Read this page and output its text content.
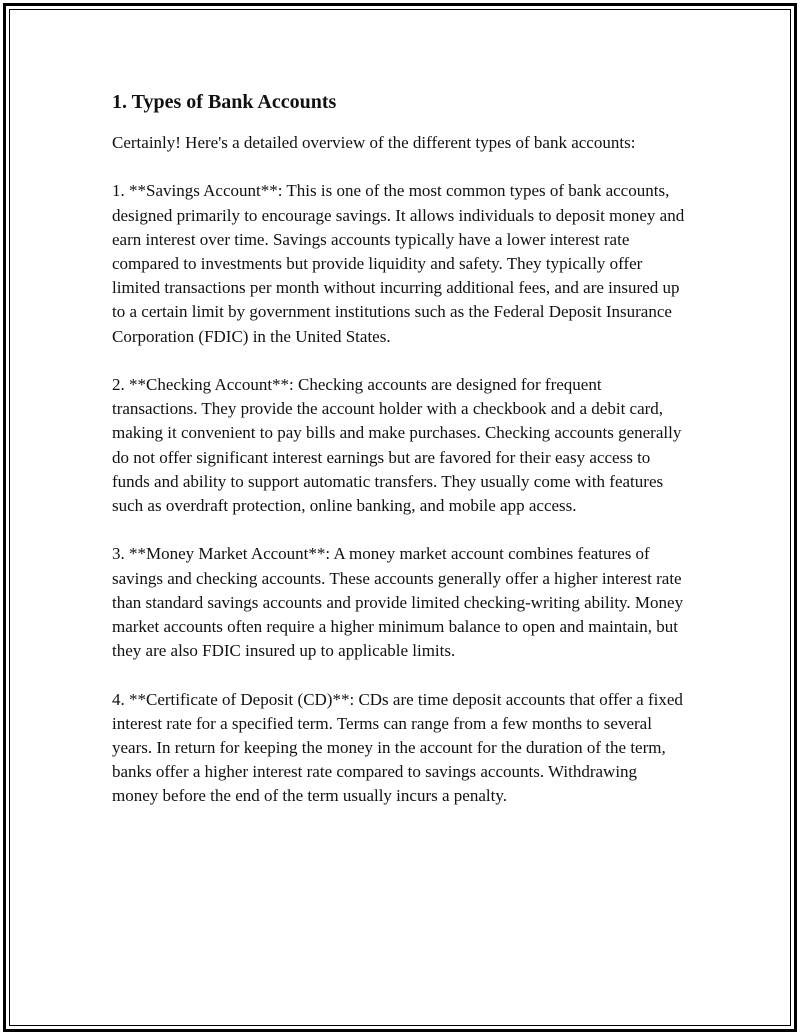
1. Types of Bank Accounts

Certainly! Here's a detailed overview of the different types of bank accounts:

1. **Savings Account**: This is one of the most common types of bank accounts, designed primarily to encourage savings. It allows individuals to deposit money and earn interest over time. Savings accounts typically have a lower interest rate compared to investments but provide liquidity and safety. They typically offer limited transactions per month without incurring additional fees, and are insured up to a certain limit by government institutions such as the Federal Deposit Insurance Corporation (FDIC) in the United States.

2. **Checking Account**: Checking accounts are designed for frequent transactions. They provide the account holder with a checkbook and a debit card, making it convenient to pay bills and make purchases. Checking accounts generally do not offer significant interest earnings but are favored for their easy access to funds and ability to support automatic transfers. They usually come with features such as overdraft protection, online banking, and mobile app access.

3. **Money Market Account**: A money market account combines features of savings and checking accounts. These accounts generally offer a higher interest rate than standard savings accounts and provide limited checking-writing ability. Money market accounts often require a higher minimum balance to open and maintain, but they are also FDIC insured up to applicable limits.

4. **Certificate of Deposit (CD)**: CDs are time deposit accounts that offer a fixed interest rate for a specified term. Terms can range from a few months to several years. In return for keeping the money in the account for the duration of the term, banks offer a higher interest rate compared to savings accounts. Withdrawing money before the end of the term usually incurs a penalty.
